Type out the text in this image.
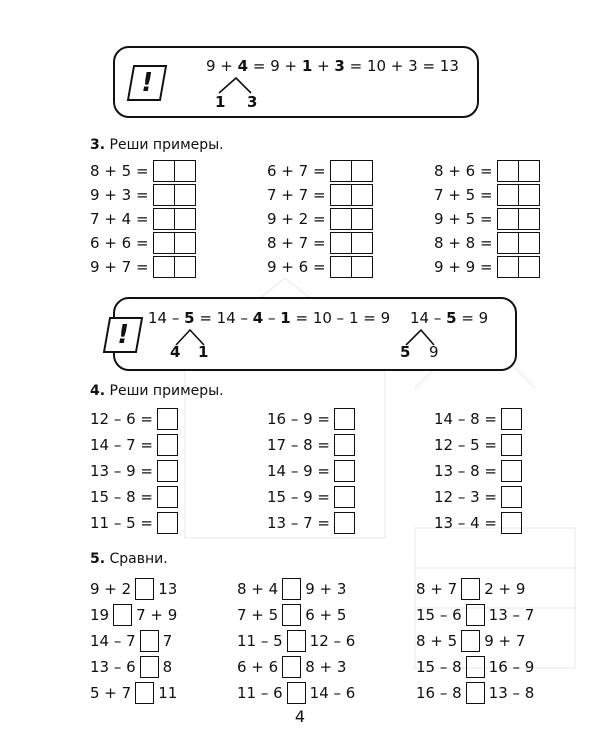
!
9 + 4 = 9 + 1 + 3 = 10 + 3 = 13
1 3
3. Реши примеры.
8 + 5 =
9 + 3 =
7 + 4 =
6 + 6 =
9 + 7 =
6 + 7 =
7 + 7 =
9 + 2 =
8 + 7 =
9 + 6 =
8 + 6 =
7 + 5 =
9 + 5 =
8 + 8 =
9 + 9 =
!
14 – 5 = 14 – 4 – 1 = 10 – 1 = 9
4 1
14 – 5 = 9
5 9
4. Реши примеры.
12 – 6 =
14 – 7 =
13 – 9 =
15 – 8 =
11 – 5 =
16 – 9 =
17 – 8 =
14 – 9 =
15 – 9 =
13 – 7 =
14 – 8 =
12 – 5 =
13 – 8 =
12 – 3 =
13 – 4 =
5. Сравни.
9 + 2 13
19 7 + 9
14 – 7 7
13 – 6 8
5 + 7 11
8 + 4 9 + 3
7 + 5 6 + 5
11 – 5 12 – 6
6 + 6 8 + 3
11 – 6 14 – 6
8 + 7 2 + 9
15 – 6 13 – 7
8 + 5 9 + 7
15 – 8 16 – 9
16 – 8 13 – 8
4
